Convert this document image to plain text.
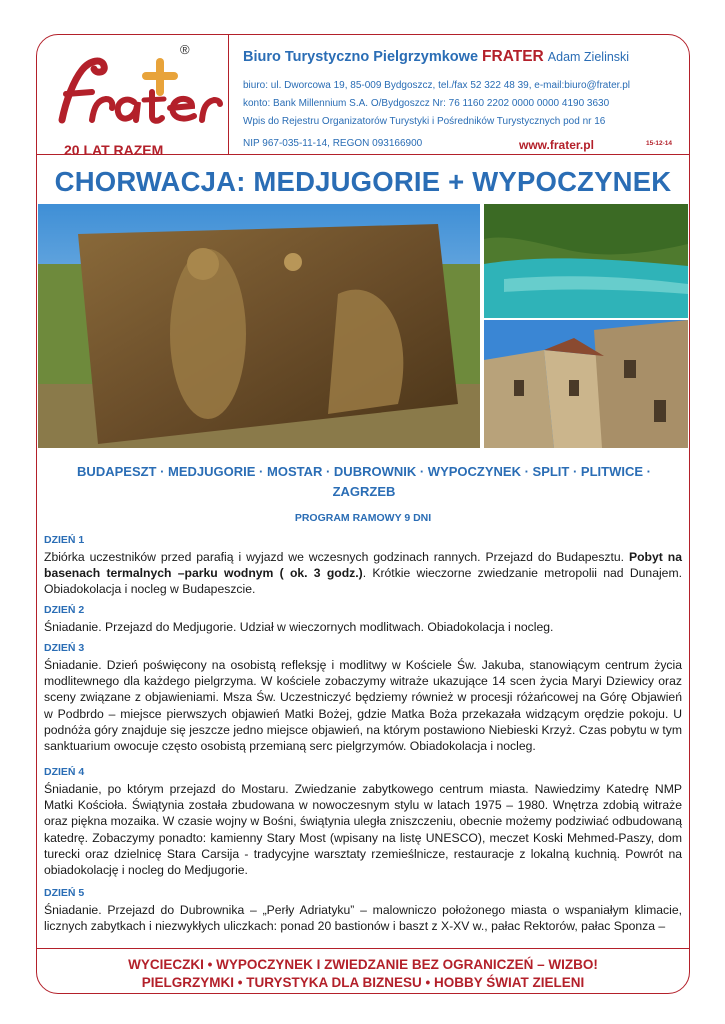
frater
®
20 LAT RAZEM
Biuro Turystyczno Pielgrzymkowe FRATER Adam Zielinski
biuro: ul. Dworcowa 19, 85-009 Bydgoszcz, tel./fax 52 322 48 39, e-mail:biuro@frater.pl
konto: Bank Millennium S.A. O/Bydgoszcz Nr: 76 1160 2202 0000 0000 4190 3630
Wpis do Rejestru Organizatorów Turystyki i Pośredników Turystycznych pod nr 16
NIP 967-035-11-14, REGON 093166900	www.frater.pl	15-12-14
CHORWACJA: MEDJUGORIE + WYPOCZYNEK
BUDAPESZT · MEDJUGORIE · MOSTAR · DUBROWNIK · WYPOCZYNEK · SPLIT · PLITWICE · ZAGRZEB
PROGRAM RAMOWY 9 DNI
DZIEŃ 1
Zbiórka uczestników przed parafią i wyjazd we wczesnych godzinach rannych. Przejazd do Budapesztu. Pobyt na basenach termalnych –parku wodnym ( ok. 3 godz.). Krótkie wieczorne zwiedzanie metropolii nad Dunajem. Obiadokolacja i nocleg w Budapeszcie.
DZIEŃ 2
Śniadanie. Przejazd do Medjugorie. Udział w wieczornych modlitwach. Obiadokolacja i nocleg.
DZIEŃ 3
Śniadanie. Dzień poświęcony na osobistą refleksję i modlitwy w Kościele Św. Jakuba, stanowiącym centrum życia modlitewnego dla każdego pielgrzyma. W kościele zobaczymy witraże ukazujące 14 scen życia Maryi Dziewicy oraz sceny związane z objawieniami. Msza Św. Uczestniczyć będziemy również w procesji różańcowej na Górę Objawień w Podbrdo – miejsce pierwszych objawień Matki Bożej, gdzie Matka Boża przekazała widzącym orędzie pokoju. U podnóża góry znajduje się jeszcze jedno miejsce objawień, na którym postawiono Niebieski Krzyż. Czas pobytu w tym sanktuarium owocuje często osobistą przemianą serc pielgrzymów. Obiadokolacja i nocleg.
DZIEŃ 4
Śniadanie, po którym przejazd do Mostaru. Zwiedzanie zabytkowego centrum miasta. Nawiedzimy Katedrę NMP Matki Kościoła. Świątynia została zbudowana w nowoczesnym stylu w latach 1975 – 1980. Wnętrza zdobią witraże oraz piękna mozaika. W czasie wojny w Bośni, świątynia uległa zniszczeniu, obecnie możemy podziwiać odbudowaną katedrę. Zobaczymy ponadto: kamienny Stary Most (wpisany na listę UNESCO), meczet Koski Mehmed-Paszy, dom turecki oraz dzielnicę Stara Carsija - tradycyjne warsztaty rzemieślnicze, restauracje z lokalną kuchnią. Powrót na obiadokolację i nocleg do Medjugorie.
DZIEŃ 5
Śniadanie. Przejazd do Dubrownika – „Perły Adriatyku” – malowniczo położonego miasta o wspaniałym klimacie, licznych zabytkach i niezwykłych uliczkach: ponad 20 bastionów i baszt z X-XV w., pałac Rektorów, pałac Sponza –
WYCIECZKI • WYPOCZYNEK I ZWIEDZANIE BEZ OGRANICZEŃ – WIZBO!
PIELGRZYMKI • TURYSTYKA DLA BIZNESU • HOBBY ŚWIAT ZIELENI
